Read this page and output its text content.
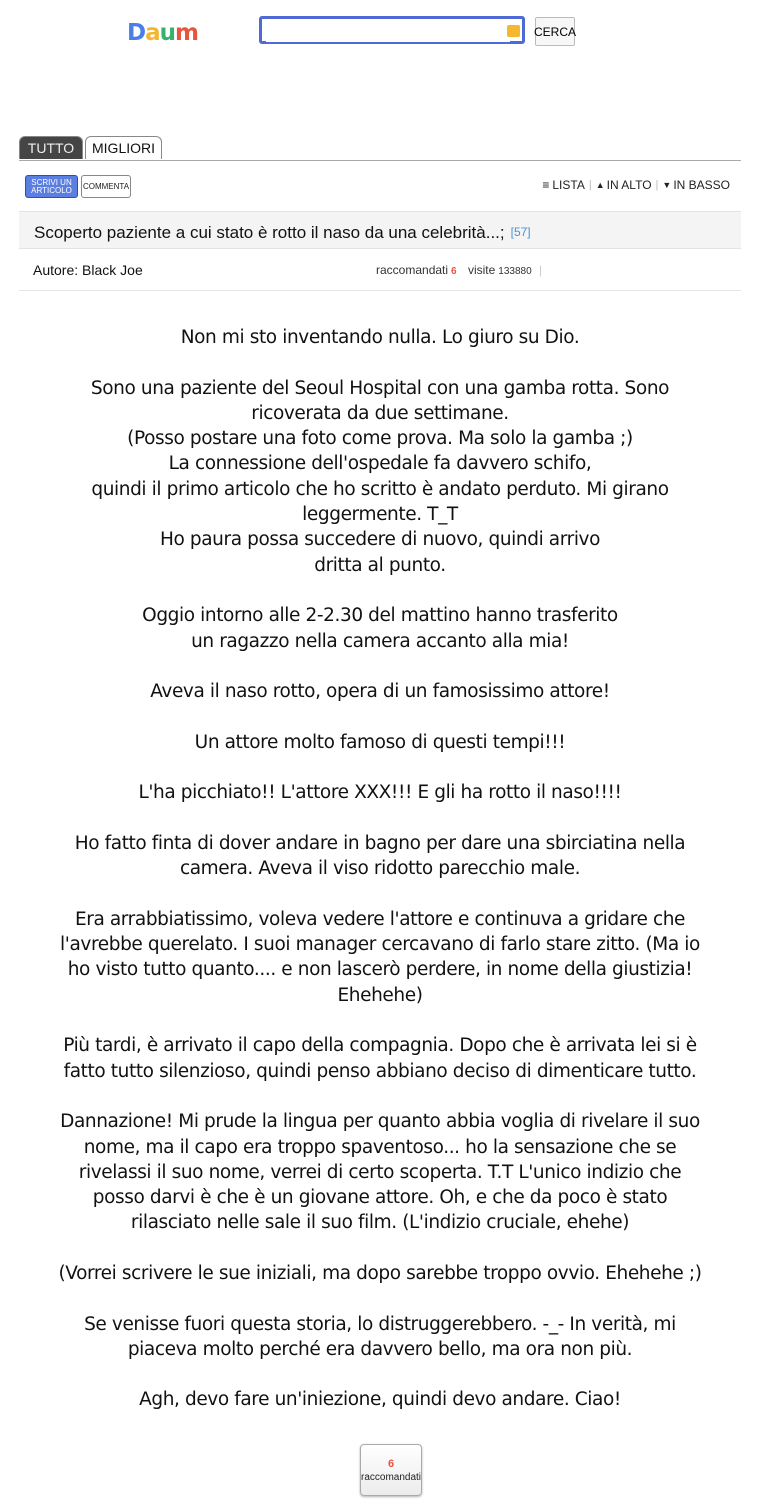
Daum	CERCA
TUTTO	MIGLIORI
SCRIVI UN ARTICOLO	COMMENTA	≡ LISTA | ▲ IN ALTO | ▼ IN BASSO
Scoperto paziente a cui stato è rotto il naso da una celebrità...; [57]
Autore: Black Joe	raccomandati 6 visite 133880 |

Non mi sto inventando nulla. Lo giuro su Dio.

Sono una paziente del Seoul Hospital con una gamba rotta. Sono
ricoverata da due settimane.
(Posso postare una foto come prova. Ma solo la gamba ;)
La connessione dell'ospedale fa davvero schifo,
quindi il primo articolo che ho scritto è andato perduto. Mi girano
leggermente. T_T
Ho paura possa succedere di nuovo, quindi arrivo
dritta al punto.

Oggio intorno alle 2-2.30 del mattino hanno trasferito
un ragazzo nella camera accanto alla mia!

Aveva il naso rotto, opera di un famosissimo attore!

Un attore molto famoso di questi tempi!!!

L'ha picchiato!! L'attore XXX!!! E gli ha rotto il naso!!!!

Ho fatto finta di dover andare in bagno per dare una sbirciatina nella
camera. Aveva il viso ridotto parecchio male.

Era arrabbiatissimo, voleva vedere l'attore e continuva a gridare che
l'avrebbe querelato. I suoi manager cercavano di farlo stare zitto. (Ma io
ho visto tutto quanto.... e non lascerò perdere, in nome della giustizia!
Ehehehe)

Più tardi, è arrivato il capo della compagnia. Dopo che è arrivata lei si è
fatto tutto silenzioso, quindi penso abbiano deciso di dimenticare tutto.

Dannazione! Mi prude la lingua per quanto abbia voglia di rivelare il suo
nome, ma il capo era troppo spaventoso... ho la sensazione che se
rivelassi il suo nome, verrei di certo scoperta. T.T L'unico indizio che
posso darvi è che è un giovane attore. Oh, e che da poco è stato
rilasciato nelle sale il suo film. (L'indizio cruciale, ehehe)

(Vorrei scrivere le sue iniziali, ma dopo sarebbe troppo ovvio. Ehehehe ;)

Se venisse fuori questa storia, lo distruggerebbero. -_- In verità, mi
piaceva molto perché era davvero bello, ma ora non più.

Agh, devo fare un'iniezione, quindi devo andare. Ciao!

6
raccomandati
